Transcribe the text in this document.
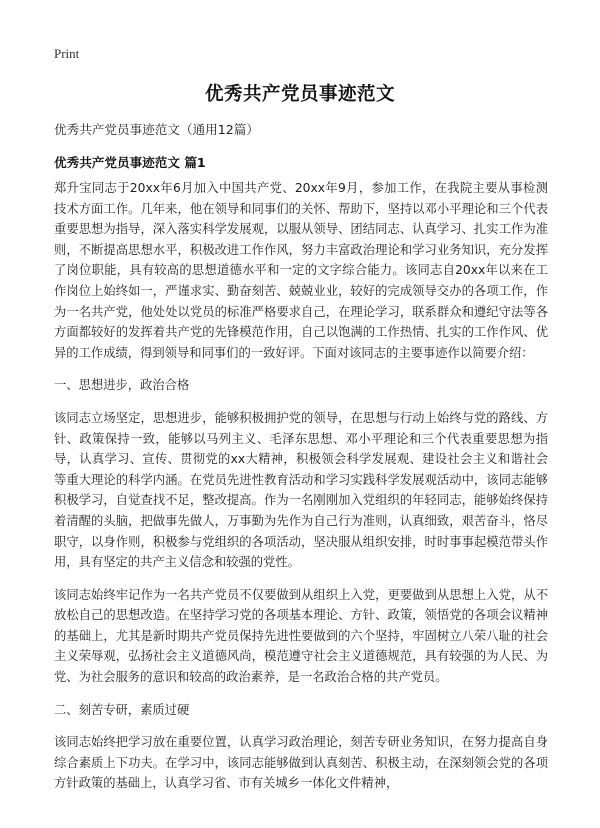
Print
优秀共产党员事迹范文
优秀共产党员事迹范文（通用12篇）
优秀共产党员事迹范文 篇1

郑升宝同志于20xx年6月加入中国共产党、20xx年9月，参加工作，在我院主要从事检测技术方面工作。几年来，他在领导和同事们的关怀、帮助下，坚持以邓小平理论和三个代表重要思想为指导，深入落实科学发展观，以服从领导、团结同志、认真学习、扎实工作为准则，不断提高思想水平，积极改进工作作风，努力丰富政治理论和学习业务知识，充分发挥了岗位职能，具有较高的思想道德水平和一定的文字综合能力。该同志自20xx年以来在工作岗位上始终如一，严谨求实、勤奋刻苦、兢兢业业，较好的完成领导交办的各项工作，作为一名共产党，他处处以党员的标准严格要求自己，在理论学习，联系群众和遵纪守法等各方面都较好的发挥着共产党的先锋模范作用，自己以饱满的工作热情、扎实的工作作风、优异的工作成绩，得到领导和同事们的一致好评。下面对该同志的主要事迹作以简要介绍：

一、思想进步，政治合格

该同志立场坚定，思想进步，能够积极拥护党的领导，在思想与行动上始终与党的路线、方针、政策保持一致，能够以马列主义、毛泽东思想、邓小平理论和三个代表重要思想为指导，认真学习、宣传、贯彻党的xx大精神，积极领会科学发展观、建设社会主义和谐社会等重大理论的科学内涵。在党员先进性教育活动和学习实践科学发展观活动中，该同志能够积极学习，自觉查找不足，整改提高。作为一名刚刚加入党组织的年轻同志，能够始终保持着清醒的头脑，把做事先做人，万事勤为先作为自己行为准则，认真细致，艰苦奋斗，恪尽职守，以身作则，积极参与党组织的各项活动，坚决服从组织安排，时时事事起模范带头作用，具有坚定的共产主义信念和较强的党性。

该同志始终牢记作为一名共产党员不仅要做到从组织上入党，更要做到从思想上入党，从不放松自己的思想改造。在坚持学习党的各项基本理论、方针、政策，领悟党的各项会议精神的基础上，尤其是新时期共产党员保持先进性要做到的六个坚持，牢固树立八荣八耻的社会主义荣辱观，弘扬社会主义道德风尚，模范遵守社会主义道德规范，具有较强的为人民、为党、为社会服务的意识和较高的政治素养，是一名政治合格的共产党员。

二、刻苦专研，素质过硬

该同志始终把学习放在重要位置，认真学习政治理论，刻苦专研业务知识，在努力提高自身综合素质上下功夫。在学习中，该同志能够做到认真刻苦、积极主动，在深刻领会党的各项方针政策的基础上，认真学习省、市有关城乡一体化文件精神，
